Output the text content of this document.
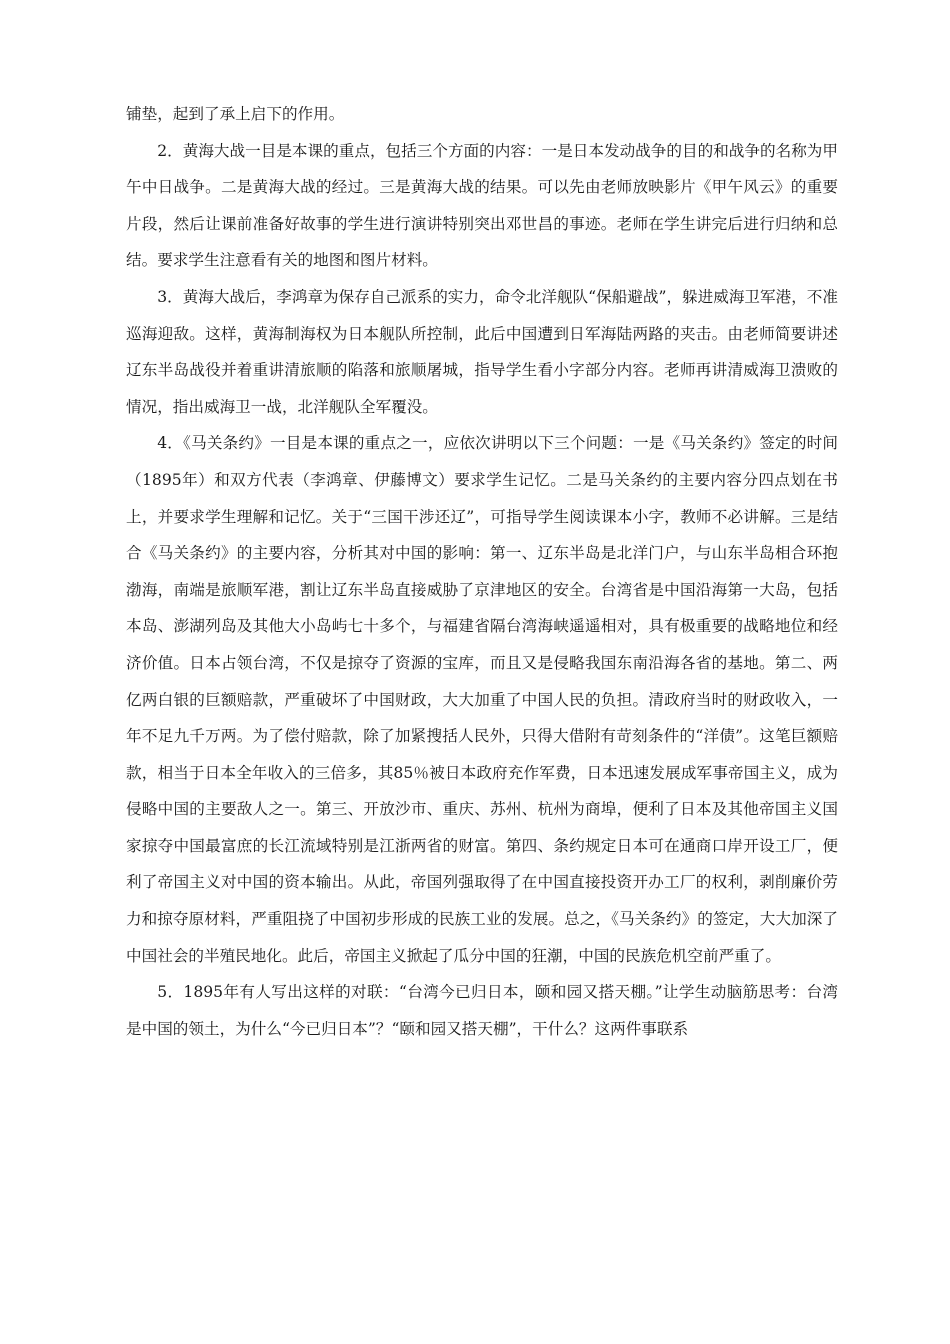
铺垫，起到了承上启下的作用。

2．黄海大战一目是本课的重点，包括三个方面的内容：一是日本发动战争的目的和战争的名称为甲午中日战争。二是黄海大战的经过。三是黄海大战的结果。可以先由老师放映影片《甲午风云》的重要片段，然后让课前准备好故事的学生进行演讲特别突出邓世昌的事迹。老师在学生讲完后进行归纳和总结。要求学生注意看有关的地图和图片材料。

3．黄海大战后，李鸿章为保存自己派系的实力，命令北洋舰队“保船避战”，躲进威海卫军港，不准巡海迎敌。这样，黄海制海权为日本舰队所控制，此后中国遭到日军海陆两路的夹击。由老师简要讲述辽东半岛战役并着重讲清旅顺的陷落和旅顺屠城，指导学生看小字部分内容。老师再讲清威海卫溃败的情况，指出威海卫一战，北洋舰队全军覆没。

4．《马关条约》一目是本课的重点之一，应依次讲明以下三个问题：一是《马关条约》签定的时间（1895年）和双方代表（李鸿章、伊藤博文）要求学生记忆。二是马关条约的主要内容分四点划在书上，并要求学生理解和记忆。关于“三国干涉还辽”，可指导学生阅读课本小字，教师不必讲解。三是结合《马关条约》的主要内容，分析其对中国的影响：第一、辽东半岛是北洋门户，与山东半岛相合环抱渤海，南端是旅顺军港，割让辽东半岛直接威胁了京津地区的安全。台湾省是中国沿海第一大岛，包括本岛、澎湖列岛及其他大小岛屿七十多个，与福建省隔台湾海峡遥遥相对，具有极重要的战略地位和经济价值。日本占领台湾，不仅是掠夺了资源的宝库，而且又是侵略我国东南沿海各省的基地。第二、两亿两白银的巨额赔款，严重破坏了中国财政，大大加重了中国人民的负担。清政府当时的财政收入，一年不足九千万两。为了偿付赔款，除了加紧搜括人民外，只得大借附有苛刻条件的“洋债”。这笔巨额赔款，相当于日本全年收入的三倍多，其85％被日本政府充作军费，日本迅速发展成军事帝国主义，成为侵略中国的主要敌人之一。第三、开放沙市、重庆、苏州、杭州为商埠，便利了日本及其他帝国主义国家掠夺中国最富庶的长江流域特别是江浙两省的财富。第四、条约规定日本可在通商口岸开设工厂，便利了帝国主义对中国的资本输出。从此，帝国列强取得了在中国直接投资开办工厂的权利，剥削廉价劳力和掠夺原材料，严重阻挠了中国初步形成的民族工业的发展。总之，《马关条约》的签定，大大加深了中国社会的半殖民地化。此后，帝国主义掀起了瓜分中国的狂潮，中国的民族危机空前严重了。

5．1895年有人写出这样的对联：“台湾今已归日本，颐和园又搭天棚。”让学生动脑筋思考：台湾是中国的领土，为什么“今已归日本”？“颐和园又搭天棚”，干什么？这两件事联系
